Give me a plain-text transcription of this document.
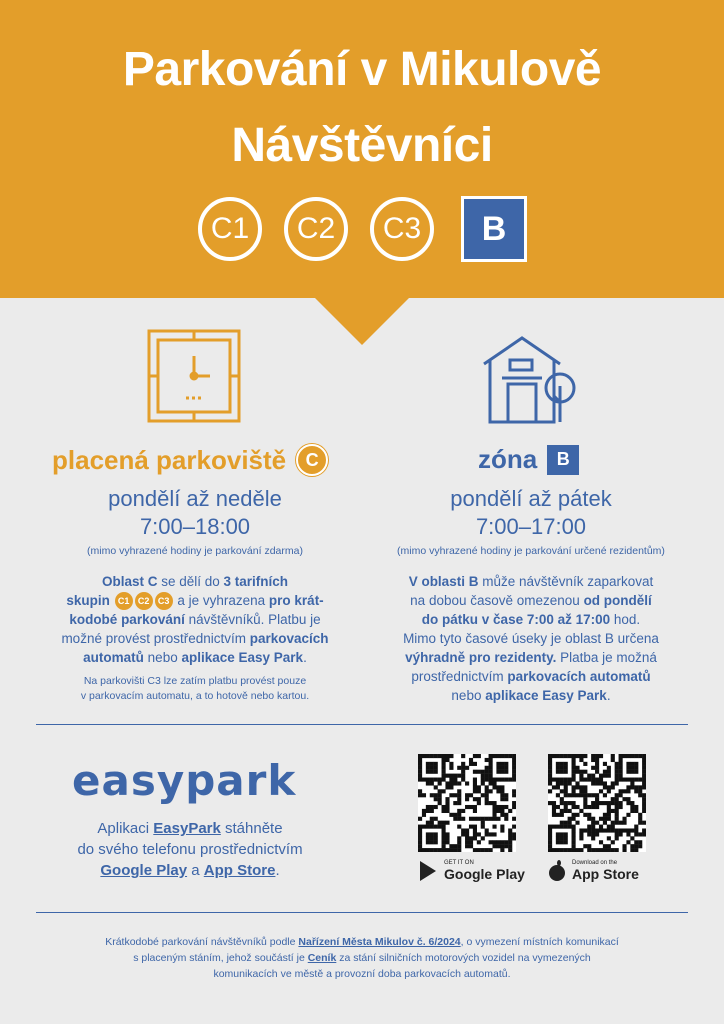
Parkování v Mikulově
Návštěvníci
C1	C2	C3	B
placená parkoviště	C	zóna	B
pondělí až neděle
7:00–18:00
(mimo vyhrazené hodiny je parkování zdarma)
pondělí až pátek
7:00–17:00
(mimo vyhrazené hodiny je parkování určené rezidentům)
Oblast C se dělí do 3 tarifních
skupin C1 C2 C3 a je vyhrazena pro krát-
kodobé parkování návštěvníků. Platbu je
možné provést prostřednictvím parkovacích
automatů nebo aplikace Easy Park.
Na parkovišti C3 lze zatím platbu provést pouze
v parkovacím automatu, a to hotově nebo kartou.
V oblasti B může návštěvník zaparkovat
na dobou časově omezenou od pondělí
do pátku v čase 7:00 až 17:00 hod.
Mimo tyto časové úseky je oblast B určena
výhradně pro rezidenty. Platba je možná
prostřednictvím parkovacích automatů
nebo aplikace Easy Park.
easypark
Aplikaci EasyPark stáhněte
do svého telefonu prostřednictvím
Google Play a App Store.	GET IT ON
Google Play
Download on the
App Store
Krátkodobé parkování návštěvníků podle Nařízení Města Mikulov č. 6/2024, o vymezení místních komunikací
s placeným stáním, jehož součástí je Ceník za stání silničních motorových vozidel na vymezených
komunikacích ve městě a provozní doba parkovacích automatů.
